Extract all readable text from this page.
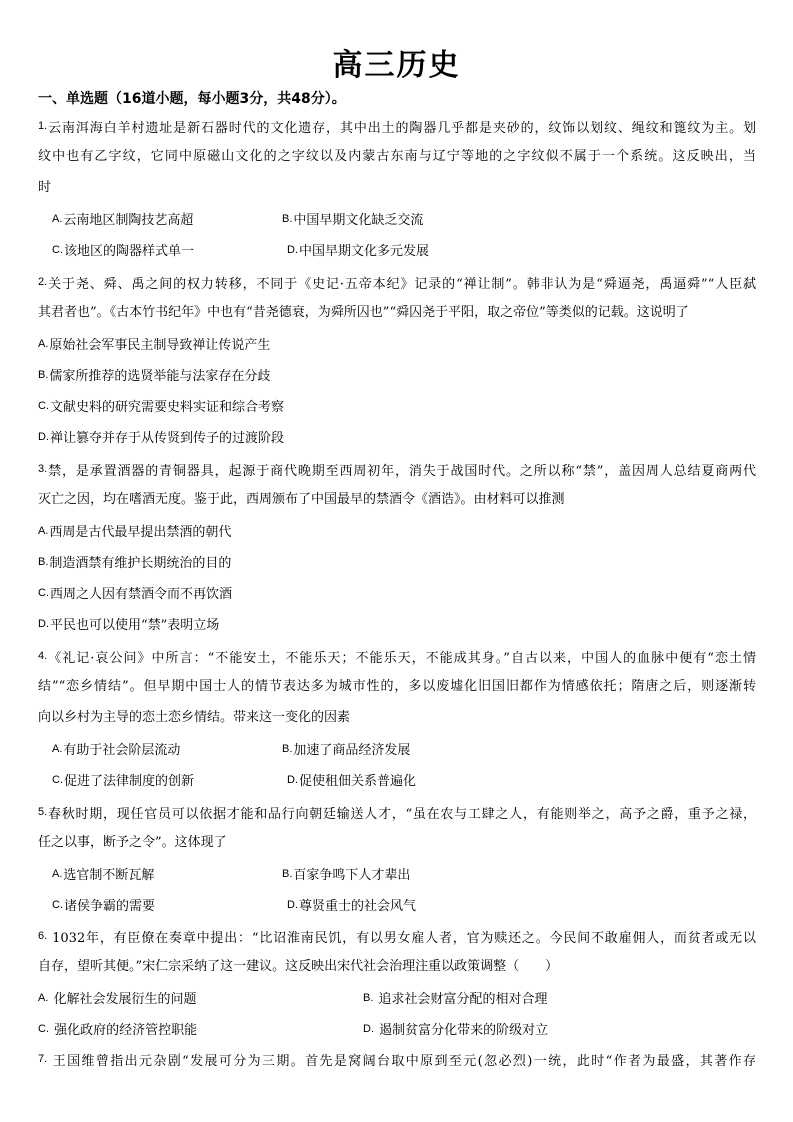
高三历史
一、单选题（16道小题，每小题3分，共48分）。
$^{1.}$云南洱海白羊村遗址是新石器时代的文化遗存，其中出土的陶器几乎都是夹砂的，纹饰以划纹、绳纹和篦纹为主。划
纹中也有乙字纹，它同中原磁山文化的之字纹以及内蒙古东南与辽宁等地的之字纹似不属于一个系统。这反映出，当
时
A.云南地区制陶技艺高超	B.中国早期文化缺乏交流
C.该地区的陶器样式单一	D.中国早期文化多元发展
$^{2.}$关于尧、舜、禹之间的权力转移，不同于《史记·五帝本纪》记录的“禅让制”。韩非认为是“舜逼尧，禹逼舜”“人臣弑
其君者也”。《古本竹书纪年》中也有“昔尧德衰，为舜所囚也”“舜囚尧于平阳，取之帝位”等类似的记载。这说明了
A.原始社会军事民主制导致禅让传说产生
B.儒家所推荐的选贤举能与法家存在分歧
C.文献史料的研究需要史料实证和综合考察
D.禅让篡夺并存于从传贤到传子的过渡阶段
$^{3.}$禁，是承置酒器的青铜器具，起源于商代晚期至西周初年，消失于战国时代。之所以称“禁”，盖因周人总结夏商两代
灭亡之因，均在嗜酒无度。鉴于此，西周颁布了中国最早的禁酒令《酒诰》。由材料可以推测
A.西周是古代最早提出禁酒的朝代
B.制造酒禁有维护长期统治的目的
C.西周之人因有禁酒令而不再饮酒
D.平民也可以使用“禁”表明立场
$^{4.}$《礼记·哀公问》中所言：“不能安土，不能乐天；不能乐天，不能成其身。”自古以来，中国人的血脉中便有“恋土情
结”“恋乡情结”。但早期中国士人的情节表达多为城市性的，多以废墟化旧国旧都作为情感依托；隋唐之后，则逐渐转
向以乡村为主导的恋土恋乡情结。带来这一变化的因素
A.有助于社会阶层流动	B.加速了商品经济发展
C.促进了法律制度的创新	D.促使租佃关系普遍化
$^{5.}$春秋时期，现任官员可以依据才能和品行向朝廷输送人才，“虽在农与工肆之人，有能则举之，高予之爵，重予之禄，
任之以事，断予之令”。这体现了
A.选官制不断瓦解	B.百家争鸣下人才辈出
C.诸侯争霸的需要	D.尊贤重士的社会风气
$^{6.}$ 1032年，有臣僚在奏章中提出：“比诏淮南民饥，有以男女雇人者，官为赎还之。今民间不敢雇佣人，而贫者或无以
自存，望听其便。”宋仁宗采纳了这一建议。这反映出宋代社会治理注重以政策调整（　　）
A. 化解社会发展衍生的问题	B. 追求社会财富分配的相对合理
C. 强化政府的经济管控职能	D. 遏制贫富分化带来的阶级对立
$^{7.}$ 王国维曾指出元杂剧“发展可分为三期。首先是窝阔台取中原到至元(忽必烈)一统，此时“作者为最盛，其著作存
